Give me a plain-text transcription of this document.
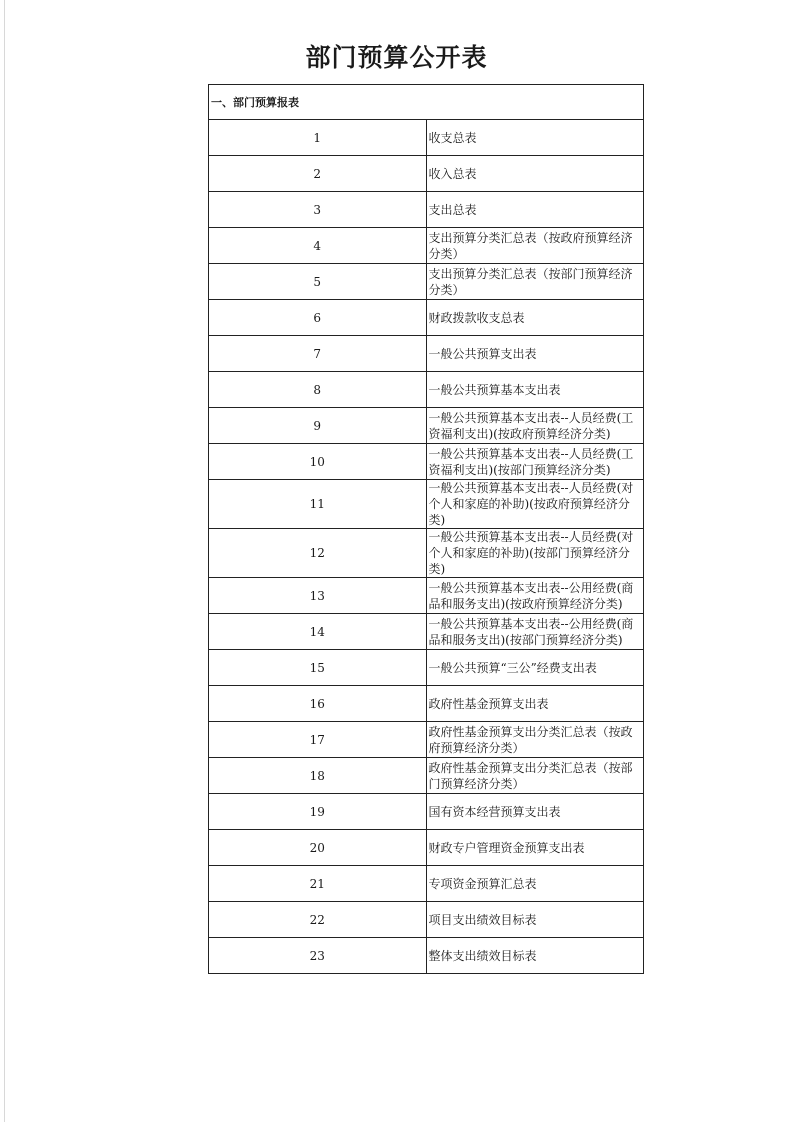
部门预算公开表
一、部门预算报表	
1	收支总表
2	收入总表
3	支出总表
4	支出预算分类汇总表（按政府预算经济分类）
5	支出预算分类汇总表（按部门预算经济分类）
6	财政拨款收支总表
7	一般公共预算支出表
8	一般公共预算基本支出表
9	一般公共预算基本支出表--人员经费(工资福利支出)(按政府预算经济分类)
10	一般公共预算基本支出表--人员经费(工资福利支出)(按部门预算经济分类)
11	一般公共预算基本支出表--人员经费(对个人和家庭的补助)(按政府预算经济分类)
12	一般公共预算基本支出表--人员经费(对个人和家庭的补助)(按部门预算经济分类)
13	一般公共预算基本支出表--公用经费(商品和服务支出)(按政府预算经济分类)
14	一般公共预算基本支出表--公用经费(商品和服务支出)(按部门预算经济分类)
15	一般公共预算“三公”经费支出表
16	政府性基金预算支出表
17	政府性基金预算支出分类汇总表（按政府预算经济分类）
18	政府性基金预算支出分类汇总表（按部门预算经济分类）
19	国有资本经营预算支出表
20	财政专户管理资金预算支出表
21	专项资金预算汇总表
22	项目支出绩效目标表
23	整体支出绩效目标表
